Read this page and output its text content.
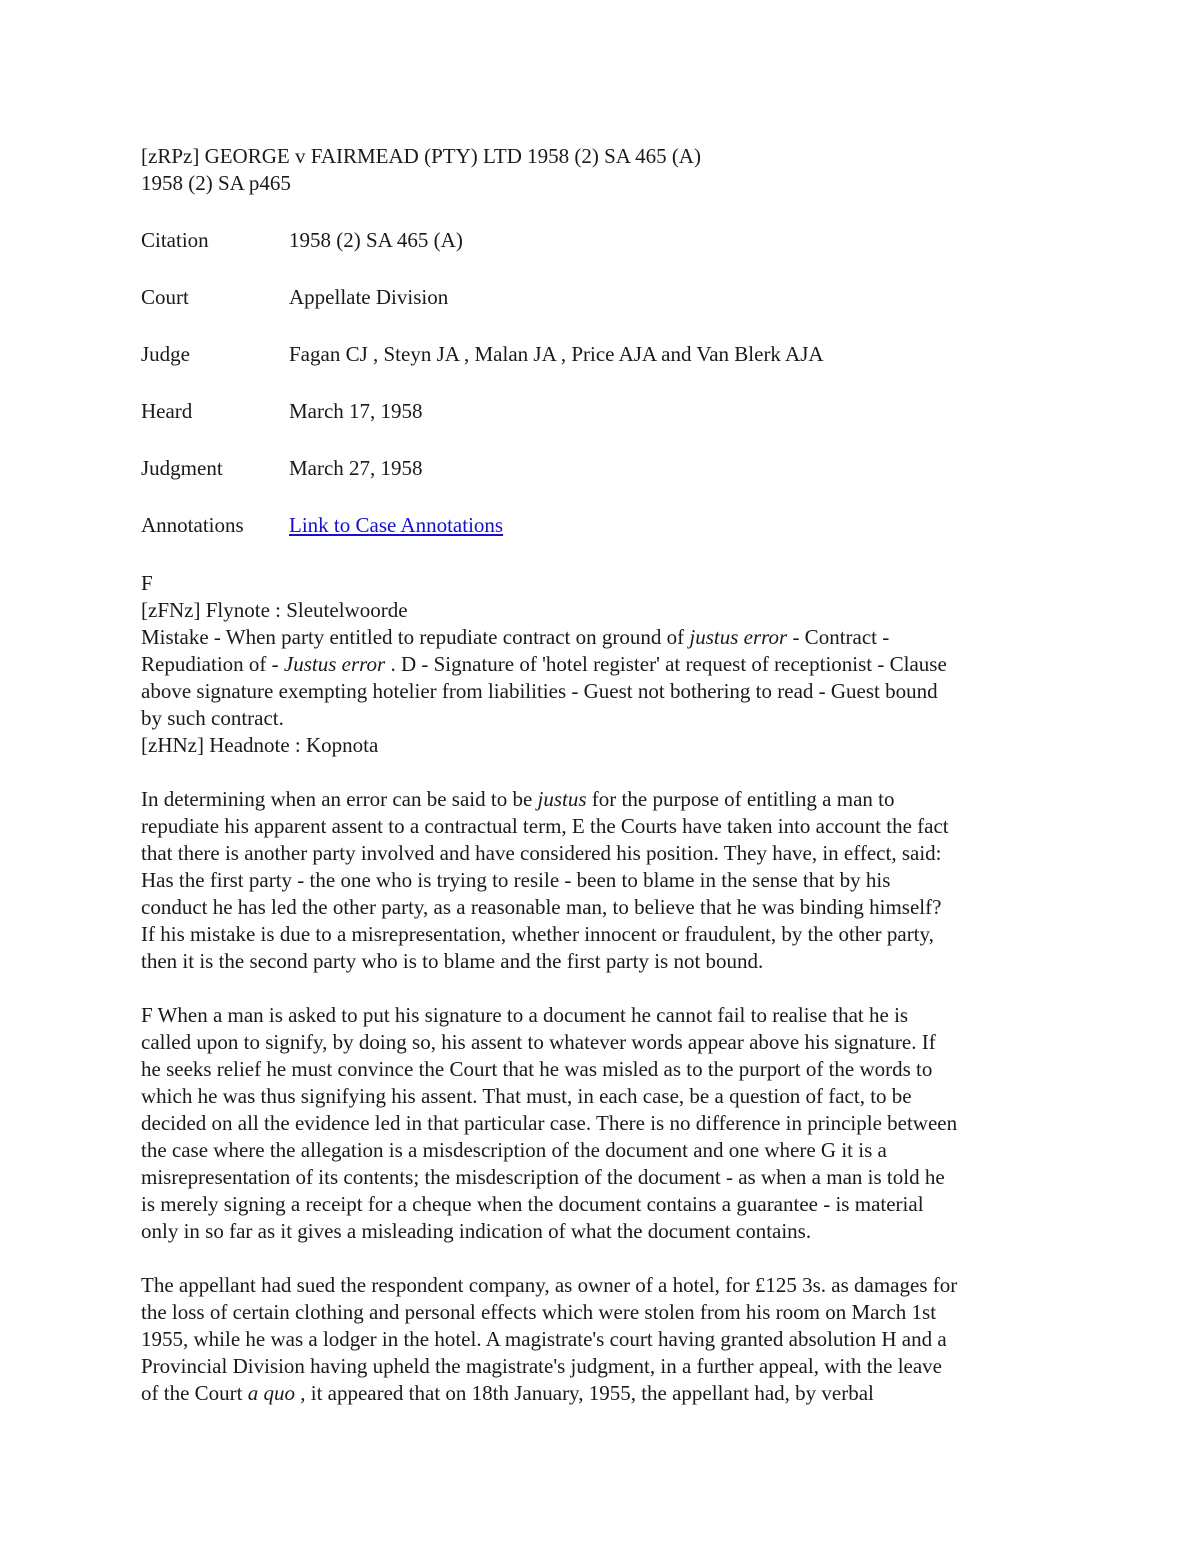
[zRPz] GEORGE v FAIRMEAD (PTY) LTD 1958 (2) SA 465 (A)

1958 (2) SA p465

Citation	1958 (2) SA 465 (A)
Court	Appellate Division
Judge	Fagan CJ , Steyn JA , Malan JA , Price AJA and Van Blerk AJA
Heard	March 17, 1958
Judgment	March 27, 1958
Annotations	Link to Case Annotations

F

[zFNz] Flynote : Sleutelwoorde

Mistake - When party entitled to repudiate contract on ground of justus error - Contract -

Repudiation of - Justus error . D - Signature of 'hotel register' at request of receptionist - Clause

above signature exempting hotelier from liabilities - Guest not bothering to read - Guest bound

by such contract.

[zHNz] Headnote : Kopnota

In determining when an error can be said to be justus for the purpose of entitling a man to

repudiate his apparent assent to a contractual term, E the Courts have taken into account the fact

that there is another party involved and have considered his position. They have, in effect, said:

Has the first party - the one who is trying to resile - been to blame in the sense that by his

conduct he has led the other party, as a reasonable man, to believe that he was binding himself?

If his mistake is due to a misrepresentation, whether innocent or fraudulent, by the other party,

then it is the second party who is to blame and the first party is not bound.

F When a man is asked to put his signature to a document he cannot fail to realise that he is

called upon to signify, by doing so, his assent to whatever words appear above his signature. If

he seeks relief he must convince the Court that he was misled as to the purport of the words to

which he was thus signifying his assent. That must, in each case, be a question of fact, to be

decided on all the evidence led in that particular case. There is no difference in principle between

the case where the allegation is a misdescription of the document and one where G it is a

misrepresentation of its contents; the misdescription of the document - as when a man is told he

is merely signing a receipt for a cheque when the document contains a guarantee - is material

only in so far as it gives a misleading indication of what the document contains.

The appellant had sued the respondent company, as owner of a hotel, for £125 3s. as damages for

the loss of certain clothing and personal effects which were stolen from his room on March 1st

1955, while he was a lodger in the hotel. A magistrate's court having granted absolution H and a

Provincial Division having upheld the magistrate's judgment, in a further appeal, with the leave

of the Court a quo , it appeared that on 18th January, 1955, the appellant had, by verbal
